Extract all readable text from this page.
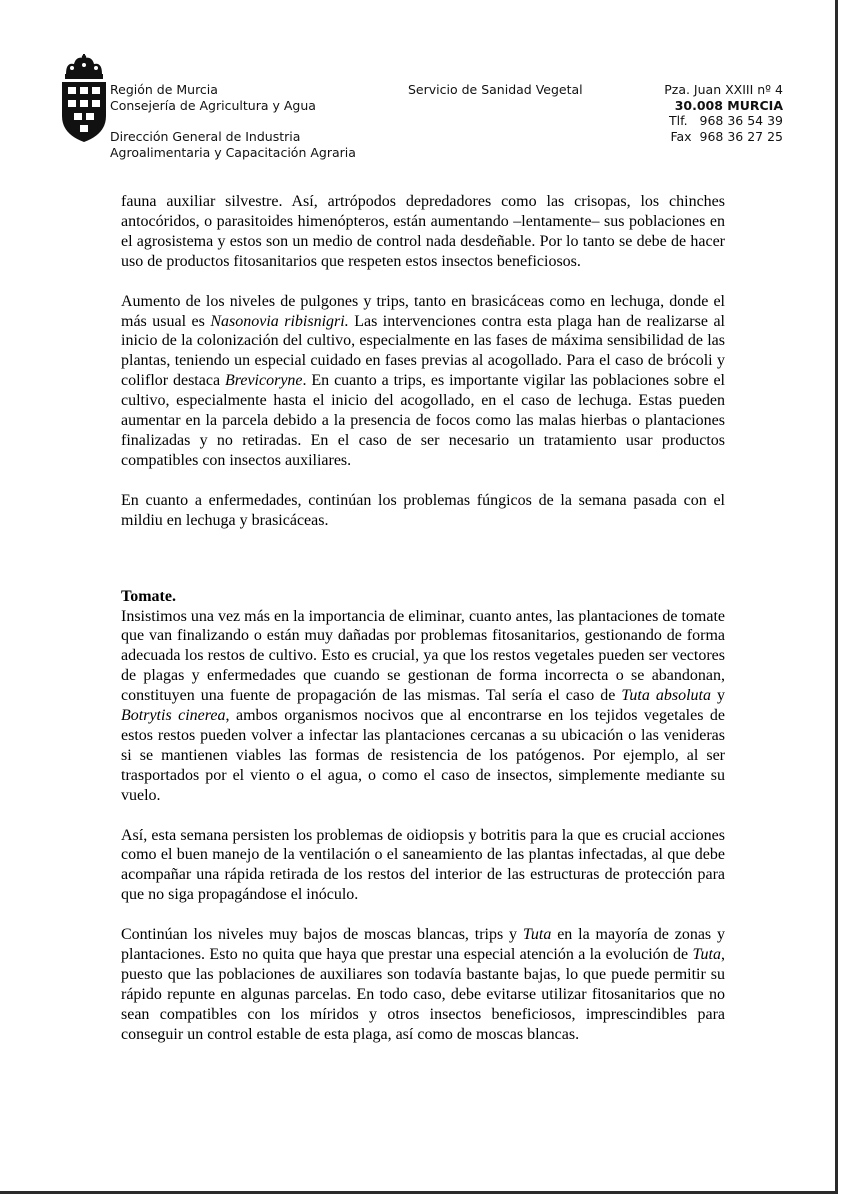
Región de Murcia
Consejería de Agricultura y Agua
Dirección General de Industria
Agroalimentaria y Capacitación Agraria
Servicio de Sanidad Vegetal	Pza. Juan XXIII nº 4
30.008 MURCIA
Tlf.   968 36 54 39
Fax  968 36 27 25

fauna auxiliar silvestre. Así, artrópodos depredadores como las crisopas, los chinches antocóridos, o parasitoides himenópteros, están aumentando –lentamente– sus poblaciones en el agrosistema y estos son un medio de control nada desdeñable. Por lo tanto se debe de hacer uso de productos fitosanitarios que respeten estos insectos beneficiosos.

Aumento de los niveles de pulgones y trips, tanto en brasicáceas como en lechuga, donde el más usual es Nasonovia ribisnigri. Las intervenciones contra esta plaga han de realizarse al inicio de la colonización del cultivo, especialmente en las fases de máxima sensibilidad de las plantas, teniendo un especial cuidado en fases previas al acogollado. Para el caso de brócoli y coliflor destaca Brevicoryne. En cuanto a trips, es importante vigilar las poblaciones sobre el cultivo, especialmente hasta el inicio del acogollado, en el caso de lechuga. Estas pueden aumentar en la parcela debido a la presencia de focos como las malas hierbas o plantaciones finalizadas y no retiradas. En el caso de ser necesario un tratamiento usar productos compatibles con insectos auxiliares.

En cuanto a enfermedades, continúan los problemas fúngicos de la semana pasada con el mildiu en lechuga y brasicáceas.

Tomate.

Insistimos una vez más en la importancia de eliminar, cuanto antes, las plantaciones de tomate que van finalizando o están muy dañadas por problemas fitosanitarios, gestionando de forma adecuada los restos de cultivo. Esto es crucial, ya que los restos vegetales pueden ser vectores de plagas y enfermedades que cuando se gestionan de forma incorrecta o se abandonan, constituyen una fuente de propagación de las mismas. Tal sería el caso de Tuta absoluta y Botrytis cinerea, ambos organismos nocivos que al encontrarse en los tejidos vegetales de estos restos pueden volver a infectar las plantaciones cercanas a su ubicación o las venideras si se mantienen viables las formas de resistencia de los patógenos. Por ejemplo, al ser trasportados por el viento o el agua, o como el caso de insectos, simplemente mediante su vuelo.

Así, esta semana persisten los problemas de oidiopsis y botritis para la que es crucial acciones como el buen manejo de la ventilación o el saneamiento de las plantas infectadas, al que debe acompañar una rápida retirada de los restos del interior de las estructuras de protección para que no siga propagándose el inóculo.

Continúan los niveles muy bajos de moscas blancas, trips y Tuta en la mayoría de zonas y plantaciones. Esto no quita que haya que prestar una especial atención a la evolución de Tuta, puesto que las poblaciones de auxiliares son todavía bastante bajas, lo que puede permitir su rápido repunte en algunas parcelas. En todo caso, debe evitarse utilizar fitosanitarios que no sean compatibles con los míridos y otros insectos beneficiosos, imprescindibles para conseguir un control estable de esta plaga, así como de moscas blancas.
